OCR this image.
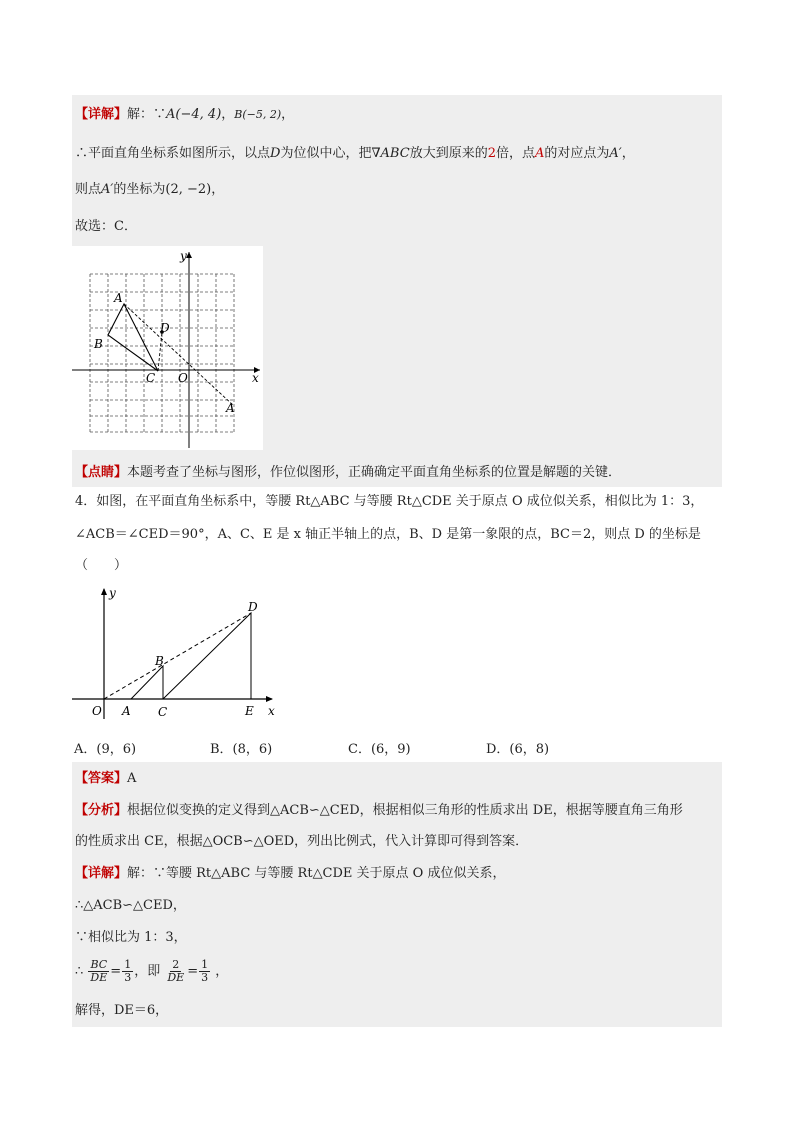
【详解】解：∵A(−4, 4)，B(−5, 2)，
∴平面直角坐标系如图所示，以点D为位似中心，把∇ABC放大到原来的2倍，点A的对应点为A′，
则点A′的坐标为(2, −2)，
故选：C．
y
x
O
A
B
C
D
A
【点睛】本题考查了坐标与图形，作位似图形，正确确定平面直角坐标系的位置是解题的关键．
4．如图，在平面直角坐标系中，等腰 Rt△ABC 与等腰 Rt△CDE 关于原点 O 成位似关系，相似比为 1：3，
∠ACB＝∠CED＝90°，A、C、E 是 x 轴正半轴上的点，B、D 是第一象限的点，BC＝2，则点 D 的坐标是
（　　）
y
x
O A
B
C
D
E
A．(9，6)	B．(8，6)	C．(6，9)	D．(6，8)
【答案】A
【分析】根据位似变换的定义得到△ACB∽△CED，根据相似三角形的性质求出 DE，根据等腰直角三角形
的性质求出 CE，根据△OCB∽△OED，列出比例式，代入计算即可得到答案．
【详解】解：∵等腰 Rt△ABC 与等腰 Rt△CDE 关于原点 O 成位似关系，
∴△ACB∽△CED，
∵相似比为 1：3，
∴ $\frac{BC}{DE} = \frac{1}{3}$ ，即 $\frac{2}{DE} = \frac{1}{3}$ ，
解得，DE＝6，
